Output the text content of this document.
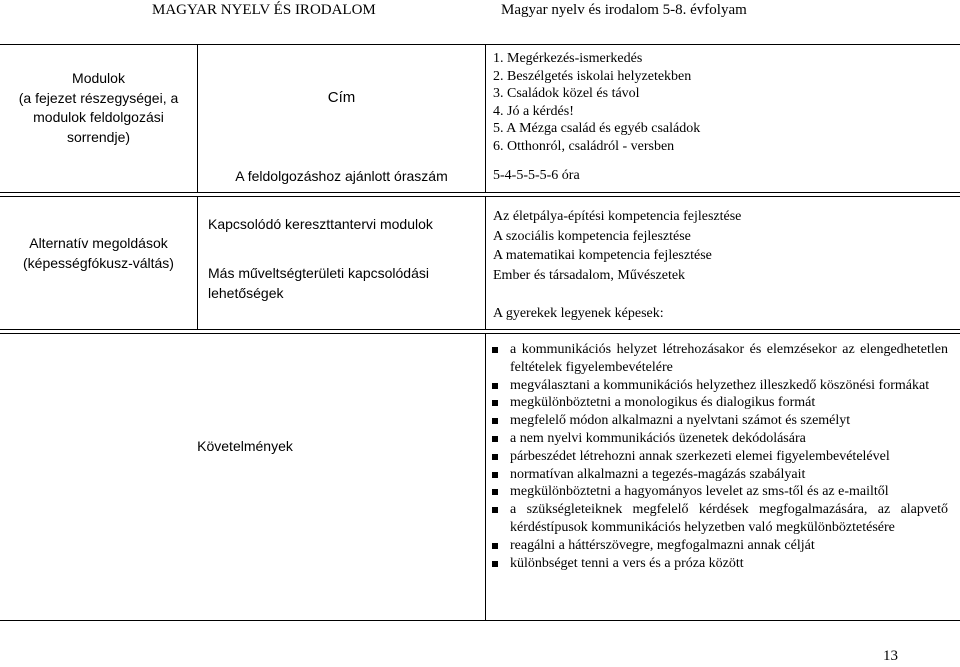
MAGYAR NYELV ÉS IRODALOM	Magyar nyelv és irodalom 5-8. évfolyam
Modulok
(a fejezet részegységei, a
modulok feldolgozási
sorrendje)
Cím
A feldolgozáshoz ajánlott óraszám
1. Megérkezés-ismerkedés
2. Beszélgetés iskolai helyzetekben
3. Családok közel és távol
4. Jó a kérdés!
5. A Mézga család és egyéb családok
6. Otthonról, családról - versben
5-4-5-5-5-6 óra
Alternatív megoldások
(képességfókusz-váltás)
Kapcsolódó kereszttantervi modulok
Más műveltségterületi kapcsolódási
lehetőségek
Az életpálya-építési kompetencia fejlesztése
A szociális kompetencia fejlesztése
A matematikai kompetencia fejlesztése
Ember és társadalom, Művészetek
Követelmények
A gyerekek legyenek képesek:
a kommunikációs helyzet létrehozásakor és elemzésekor az elengedhetetlen feltételek figyelembevételére
megválasztani a kommunikációs helyzethez illeszkedő köszönési formákat
megkülönböztetni a monologikus és dialogikus formát
megfelelő módon alkalmazni a nyelvtani számot és személyt
a nem nyelvi kommunikációs üzenetek dekódolására
párbeszédet létrehozni annak szerkezeti elemei figyelembevételével
normatívan alkalmazni a tegezés-magázás szabályait
megkülönböztetni a hagyományos levelet az sms-től és az e-mailtől
a szükségleteiknek megfelelő kérdések megfogalmazására, az alapvető kérdéstípusok kommunikációs helyzetben való megkülönböztetésére
reagálni a háttérszövegre, megfogalmazni annak célját
különbséget tenni a vers és a próza között
13
